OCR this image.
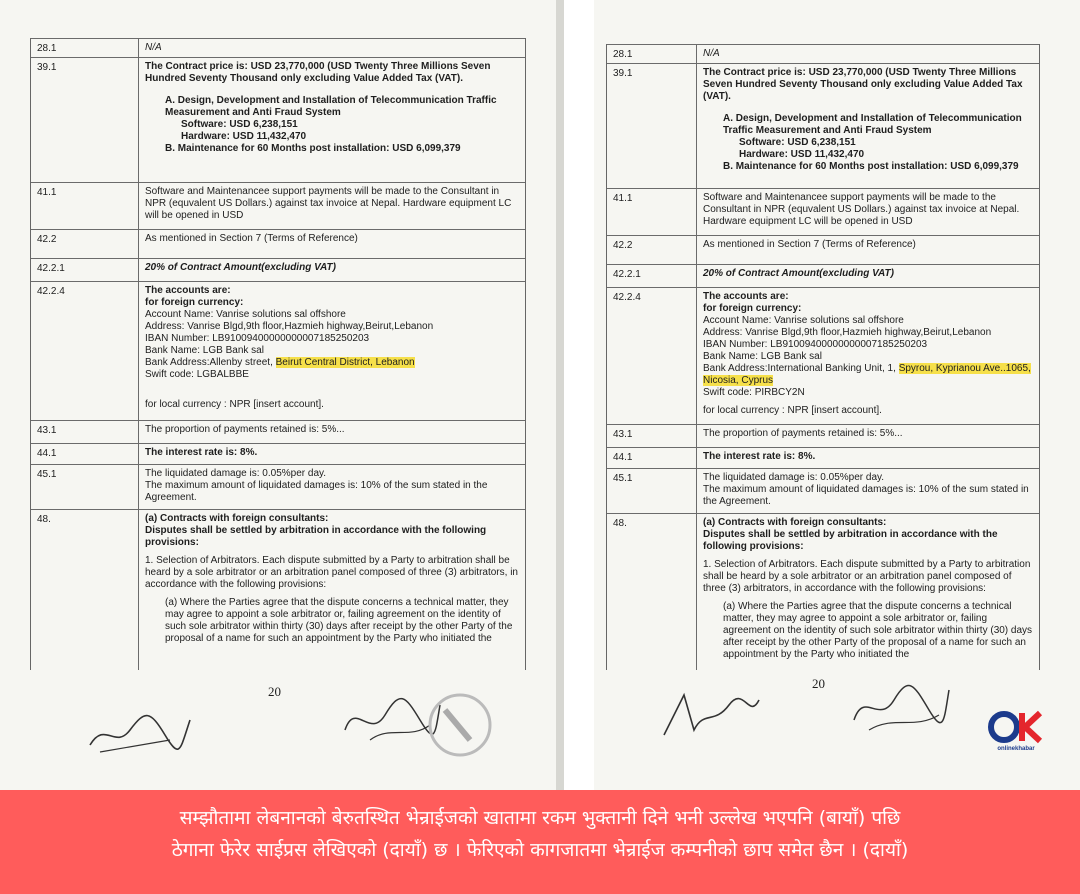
28.1	N/A
39.1	The Contract price is: USD 23,770,000 (USD Twenty Three Millions Seven Hundred Seventy Thousand only excluding Value Added Tax (VAT).
A. Design, Development and Installation of Telecommunication Traffic Measurement and Anti Fraud System
Software: USD 6,238,151
Hardware: USD 11,432,470
B. Maintenance for 60 Months post installation: USD 6,099,379
41.1	Software and Maintenancee support payments will be made to the Consultant in NPR (equvalent US Dollars.) against tax invoice at Nepal. Hardware equipment LC will be opened in USD
42.2	As mentioned in Section 7 (Terms of Reference)
42.2.1	20% of Contract Amount(excluding VAT)
42.2.4	The accounts are:
for foreign currency:
Account Name: Vanrise solutions sal offshore
Address: Vanrise Blgd,9th floor,Hazmieh highway,Beirut,Lebanon
IBAN Number: LB91009400000000007185250203
Bank Name: LGB Bank sal
Bank Address:Allenby street, Beirut Central District, Lebanon
Swift code: LGBALBBE
for local currency : NPR [insert account].
43.1	The proportion of payments retained is: 5%...
44.1	The interest rate is: 8%.
45.1	The liquidated damage is: 0.05%per day.
The maximum amount of liquidated damages is: 10% of the sum stated in the Agreement.
48.	(a) Contracts with foreign consultants:
Disputes shall be settled by arbitration in accordance with the following provisions:
1. Selection of Arbitrators. Each dispute submitted by a Party to arbitration shall be heard by a sole arbitrator or an arbitration panel composed of three (3) arbitrators, in accordance with the following provisions:
(a) Where the Parties agree that the dispute concerns a technical matter, they may agree to appoint a sole arbitrator or, failing agreement on the identity of such sole arbitrator within thirty (30) days after receipt by the other Party of the proposal of a name for such an appointment by the Party who initiated the
20
28.1	N/A
39.1	The Contract price is: USD 23,770,000 (USD Twenty Three Millions Seven Hundred Seventy Thousand only excluding Value Added Tax (VAT).
A. Design, Development and Installation of Telecommunication Traffic Measurement and Anti Fraud System
Software: USD 6,238,151
Hardware: USD 11,432,470
B. Maintenance for 60 Months post installation: USD 6,099,379
41.1	Software and Maintenancee support payments will be made to the Consultant in NPR (equvalent US Dollars.) against tax invoice at Nepal. Hardware equipment LC will be opened in USD
42.2	As mentioned in Section 7 (Terms of Reference)
42.2.1	20% of Contract Amount(excluding VAT)
42.2.4	The accounts are:
for foreign currency:
Account Name: Vanrise solutions sal offshore
Address: Vanrise Blgd,9th floor,Hazmieh highway,Beirut,Lebanon
IBAN Number: LB91009400000000007185250203
Bank Name: LGB Bank sal
Bank Address:International Banking Unit, 1, Spyrou, Kyprianou Ave..1065, Nicosia, Cyprus
Swift code: PIRBCY2N
for local currency : NPR [insert account].
43.1	The proportion of payments retained is: 5%...
44.1	The interest rate is: 8%.
45.1	The liquidated damage is: 0.05%per day.
The maximum amount of liquidated damages is: 10% of the sum stated in the Agreement.
48.	(a) Contracts with foreign consultants:
Disputes shall be settled by arbitration in accordance with the following provisions:
1. Selection of Arbitrators. Each dispute submitted by a Party to arbitration shall be heard by a sole arbitrator or an arbitration panel composed of three (3) arbitrators, in accordance with the following provisions:
(a) Where the Parties agree that the dispute concerns a technical matter, they may agree to appoint a sole arbitrator or, failing agreement on the identity of such sole arbitrator within thirty (30) days after receipt by the other Party of the proposal of a name for such an appointment by the Party who initiated the
20
onlinekhabar
सम्झौतामा लेबनानको बेरुतस्थित भेन्राईजको खातामा रकम भुक्तानी दिने भनी उल्लेख भएपनि (बायाँ) पछि
ठेगाना फेरेर साईप्रस लेखिएको (दायाँ) छ । फेरिएको कागजातमा भेन्राईज कम्पनीको छाप समेत छैन । (दायाँ)
